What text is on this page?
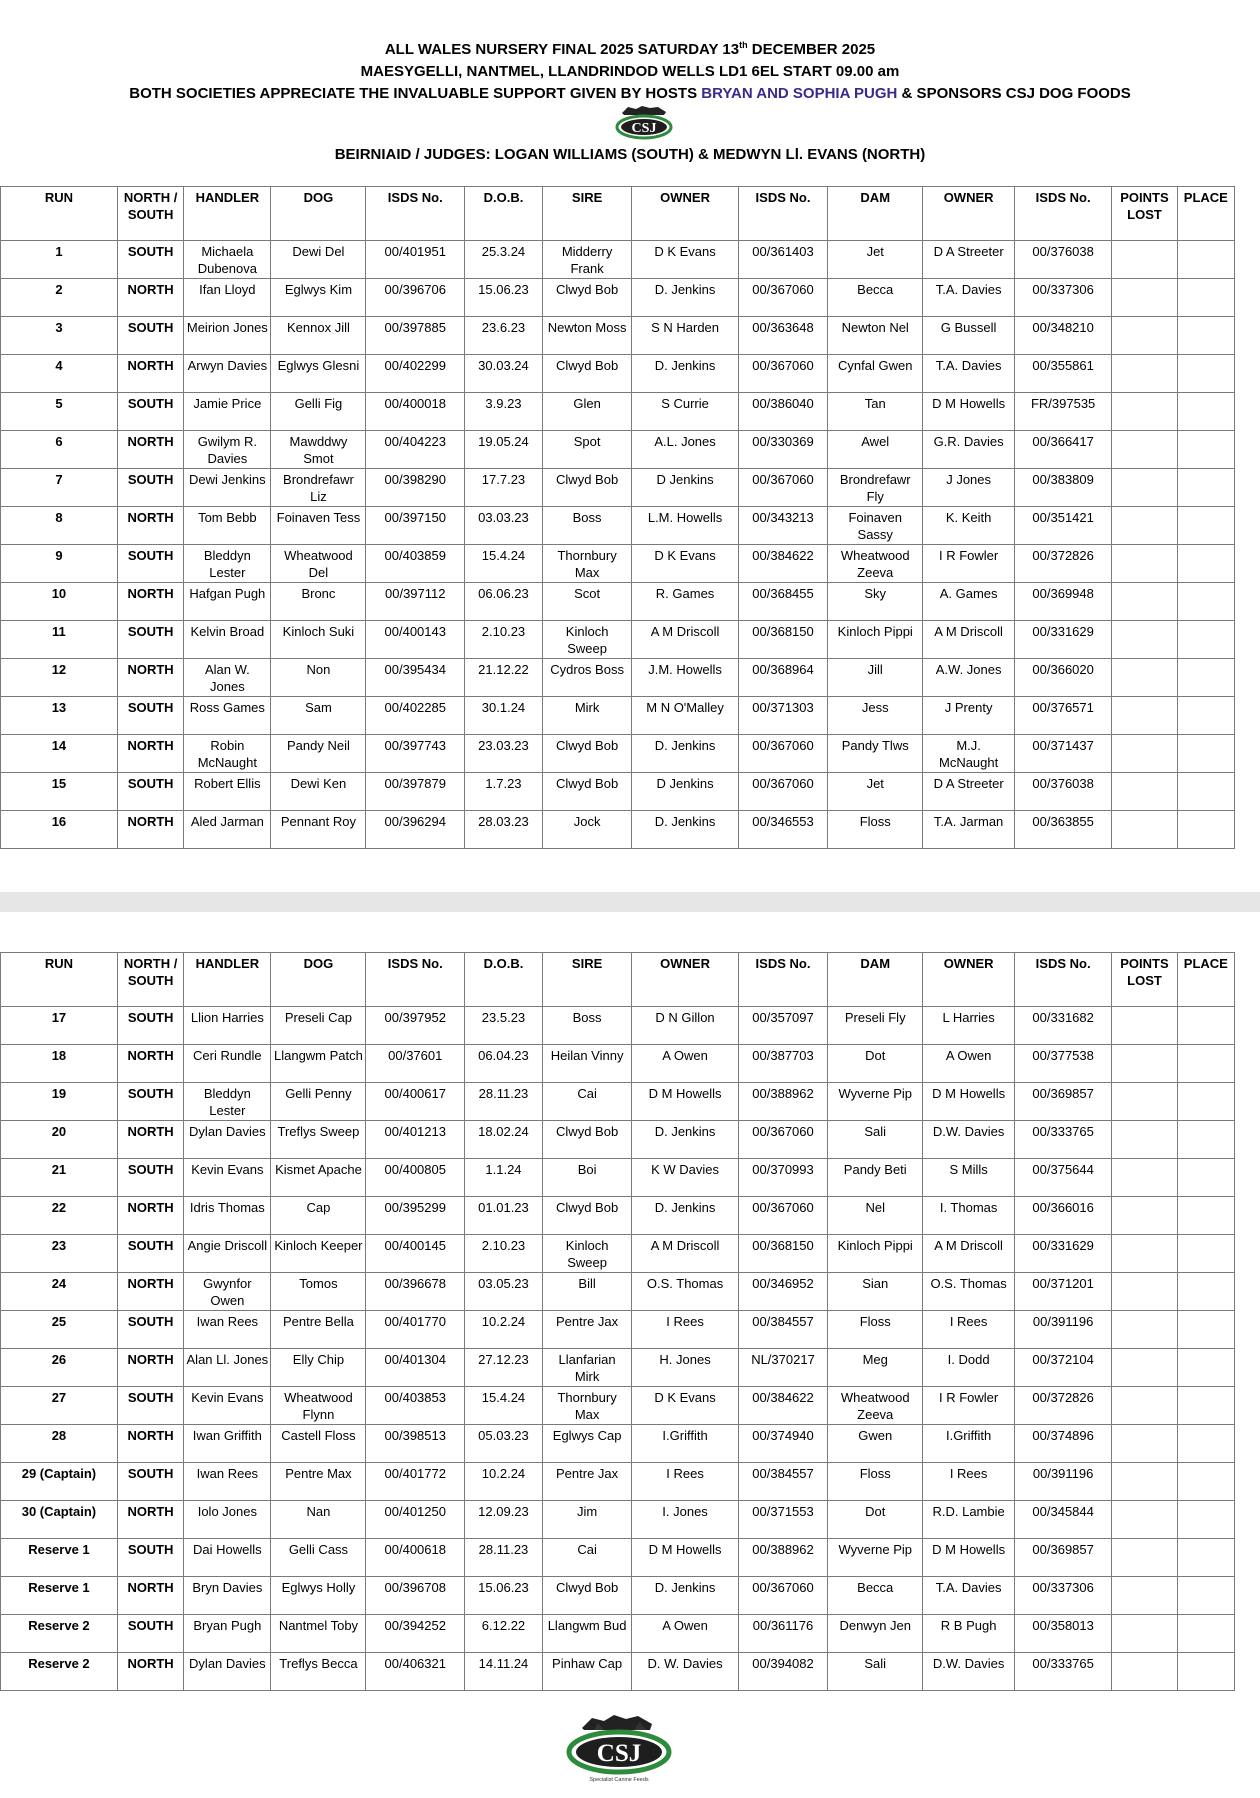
ALL WALES NURSERY FINAL 2025 SATURDAY 13th DECEMBER 2025
MAESYGELLI, NANTMEL, LLANDRINDOD WELLS LD1 6EL START 09.00 am
BOTH SOCIETIES APPRECIATE THE INVALUABLE SUPPORT GIVEN BY HOSTS BRYAN AND SOPHIA PUGH & SPONSORS CSJ DOG FOODS
CSJ
BEIRNIAID / JUDGES: LOGAN WILLIAMS (SOUTH) & MEDWYN Ll. EVANS (NORTH)
RUN	NORTH / SOUTH	HANDLER	DOG	ISDS No.	D.O.B.	SIRE	OWNER	ISDS No.	DAM	OWNER	ISDS No.	POINTS LOST	PLACE
1	SOUTH	Michaela Dubenova	Dewi Del	00/401951	25.3.24	Midderry Frank	D K Evans	00/361403	Jet	D A Streeter	00/376038		
2	NORTH	Ifan Lloyd	Eglwys Kim	00/396706	15.06.23	Clwyd Bob	D. Jenkins	00/367060	Becca	T.A. Davies	00/337306		
3	SOUTH	Meirion Jones	Kennox Jill	00/397885	23.6.23	Newton Moss	S N Harden	00/363648	Newton Nel	G Bussell	00/348210		
4	NORTH	Arwyn Davies	Eglwys Glesni	00/402299	30.03.24	Clwyd Bob	D. Jenkins	00/367060	Cynfal Gwen	T.A. Davies	00/355861		
5	SOUTH	Jamie Price	Gelli Fig	00/400018	3.9.23	Glen	S Currie	00/386040	Tan	D M Howells	FR/397535		
6	NORTH	Gwilym R. Davies	Mawddwy Smot	00/404223	19.05.24	Spot	A.L. Jones	00/330369	Awel	G.R. Davies	00/366417		
7	SOUTH	Dewi Jenkins	Brondrefawr Liz	00/398290	17.7.23	Clwyd Bob	D Jenkins	00/367060	Brondrefawr Fly	J Jones	00/383809		
8	NORTH	Tom Bebb	Foinaven Tess	00/397150	03.03.23	Boss	L.M. Howells	00/343213	Foinaven Sassy	K. Keith	00/351421		
9	SOUTH	Bleddyn Lester	Wheatwood Del	00/403859	15.4.24	Thornbury Max	D K Evans	00/384622	Wheatwood Zeeva	I R Fowler	00/372826		
10	NORTH	Hafgan Pugh	Bronc	00/397112	06.06.23	Scot	R. Games	00/368455	Sky	A. Games	00/369948		
11	SOUTH	Kelvin Broad	Kinloch Suki	00/400143	2.10.23	Kinloch Sweep	A M Driscoll	00/368150	Kinloch Pippi	A M Driscoll	00/331629		
12	NORTH	Alan W. Jones	Non	00/395434	21.12.22	Cydros Boss	J.M. Howells	00/368964	Jill	A.W. Jones	00/366020		
13	SOUTH	Ross Games	Sam	00/402285	30.1.24	Mirk	M N O'Malley	00/371303	Jess	J Prenty	00/376571		
14	NORTH	Robin McNaught	Pandy Neil	00/397743	23.03.23	Clwyd Bob	D. Jenkins	00/367060	Pandy Tlws	M.J. McNaught	00/371437		
15	SOUTH	Robert Ellis	Dewi Ken	00/397879	1.7.23	Clwyd Bob	D Jenkins	00/367060	Jet	D A Streeter	00/376038		
16	NORTH	Aled Jarman	Pennant Roy	00/396294	28.03.23	Jock	D. Jenkins	00/346553	Floss	T.A. Jarman	00/363855		
RUN	NORTH / SOUTH	HANDLER	DOG	ISDS No.	D.O.B.	SIRE	OWNER	ISDS No.	DAM	OWNER	ISDS No.	POINTS LOST	PLACE
17	SOUTH	Llion Harries	Preseli Cap	00/397952	23.5.23	Boss	D N Gillon	00/357097	Preseli Fly	L Harries	00/331682		
18	NORTH	Ceri Rundle	Llangwm Patch	00/37601	06.04.23	Heilan Vinny	A Owen	00/387703	Dot	A Owen	00/377538		
19	SOUTH	Bleddyn Lester	Gelli Penny	00/400617	28.11.23	Cai	D M Howells	00/388962	Wyverne Pip	D M Howells	00/369857		
20	NORTH	Dylan Davies	Treflys Sweep	00/401213	18.02.24	Clwyd Bob	D. Jenkins	00/367060	Sali	D.W. Davies	00/333765		
21	SOUTH	Kevin Evans	Kismet Apache	00/400805	1.1.24	Boi	K W Davies	00/370993	Pandy Beti	S Mills	00/375644		
22	NORTH	Idris Thomas	Cap	00/395299	01.01.23	Clwyd Bob	D. Jenkins	00/367060	Nel	I. Thomas	00/366016		
23	SOUTH	Angie Driscoll	Kinloch Keeper	00/400145	2.10.23	Kinloch Sweep	A M Driscoll	00/368150	Kinloch Pippi	A M Driscoll	00/331629		
24	NORTH	Gwynfor Owen	Tomos	00/396678	03.05.23	Bill	O.S. Thomas	00/346952	Sian	O.S. Thomas	00/371201		
25	SOUTH	Iwan Rees	Pentre Bella	00/401770	10.2.24	Pentre Jax	I Rees	00/384557	Floss	I Rees	00/391196		
26	NORTH	Alan Ll. Jones	Elly Chip	00/401304	27.12.23	Llanfarian Mirk	H. Jones	NL/370217	Meg	I. Dodd	00/372104		
27	SOUTH	Kevin Evans	Wheatwood Flynn	00/403853	15.4.24	Thornbury Max	D K Evans	00/384622	Wheatwood Zeeva	I R Fowler	00/372826		
28	NORTH	Iwan Griffith	Castell Floss	00/398513	05.03.23	Eglwys Cap	I.Griffith	00/374940	Gwen	I.Griffith	00/374896		
29 (Captain)	SOUTH	Iwan Rees	Pentre Max	00/401772	10.2.24	Pentre Jax	I Rees	00/384557	Floss	I Rees	00/391196		
30 (Captain)	NORTH	Iolo Jones	Nan	00/401250	12.09.23	Jim	I. Jones	00/371553	Dot	R.D. Lambie	00/345844		
Reserve 1	SOUTH	Dai Howells	Gelli Cass	00/400618	28.11.23	Cai	D M Howells	00/388962	Wyverne Pip	D M Howells	00/369857		
Reserve 1	NORTH	Bryn Davies	Eglwys Holly	00/396708	15.06.23	Clwyd Bob	D. Jenkins	00/367060	Becca	T.A. Davies	00/337306		
Reserve 2	SOUTH	Bryan Pugh	Nantmel Toby	00/394252	6.12.22	Llangwm Bud	A Owen	00/361176	Denwyn Jen	R B Pugh	00/358013		
Reserve 2	NORTH	Dylan Davies	Treflys Becca	00/406321	14.11.24	Pinhaw Cap	D. W. Davies	00/394082	Sali	D.W. Davies	00/333765		
CSJ
Specialist Canine Feeds
